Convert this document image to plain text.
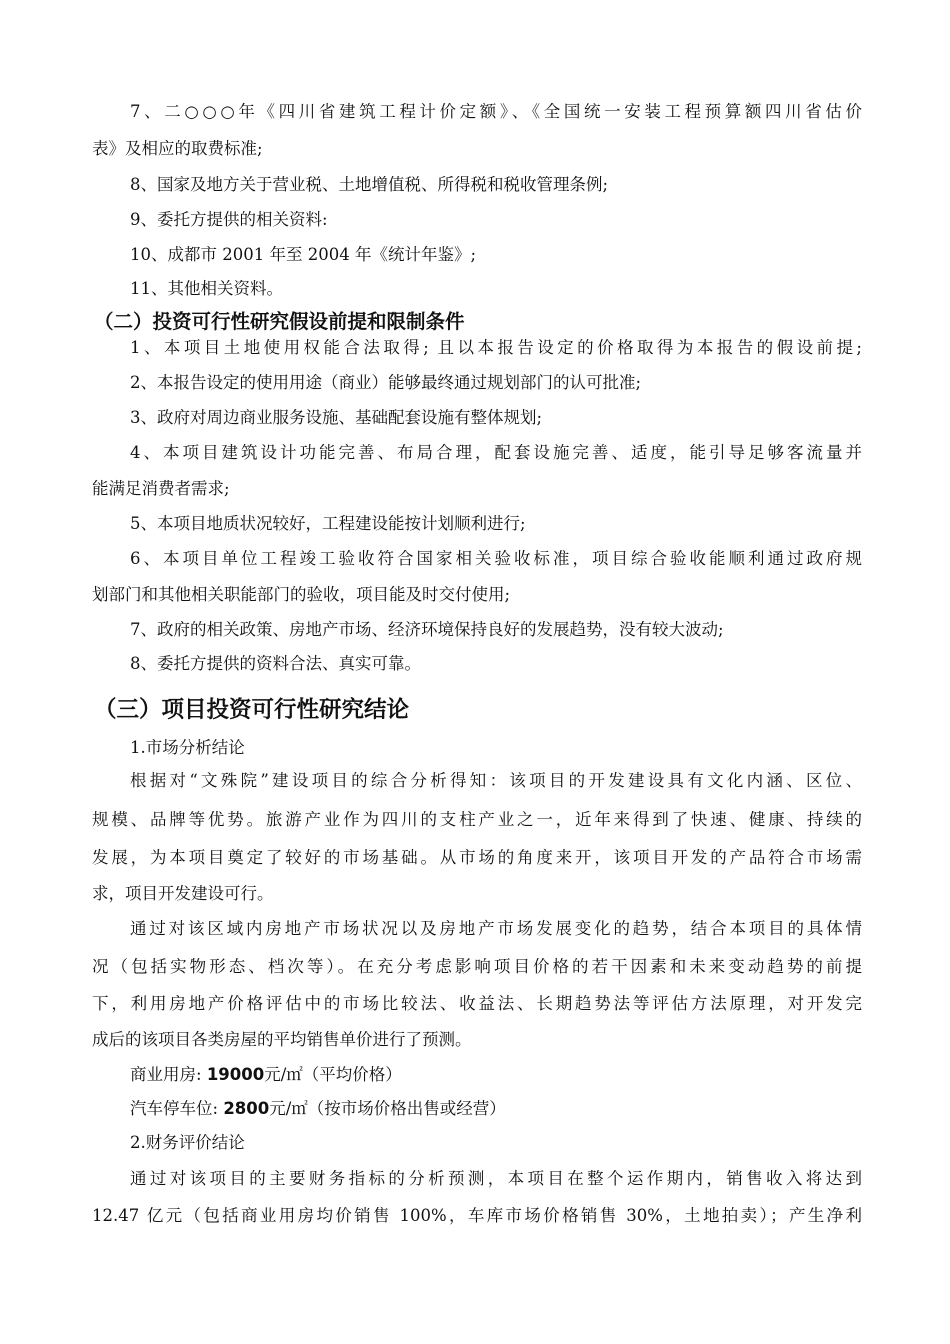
7、二○○○年《四川省建筑工程计价定额》、《全国统一安装工程预算额四川省估价
表》及相应的取费标准;
8、国家及地方关于营业税、土地增值税、所得税和税收管理条例;
9、委托方提供的相关资料:
10、成都市 2001 年至 2004 年《统计年鉴》;
11、其他相关资料。
（二）投资可行性研究假设前提和限制条件
1、本项目土地使用权能合法取得; 且以本报告设定的价格取得为本报告的假设前提;
2、本报告设定的使用用途（商业）能够最终通过规划部门的认可批准;
3、政府对周边商业服务设施、基础配套设施有整体规划;
4、本项目建筑设计功能完善、布局合理，配套设施完善、适度，能引导足够客流量并
能满足消费者需求;
5、本项目地质状况较好，工程建设能按计划顺利进行;
6、本项目单位工程竣工验收符合国家相关验收标准，项目综合验收能顺利通过政府规
划部门和其他相关职能部门的验收，项目能及时交付使用;
7、政府的相关政策、房地产市场、经济环境保持良好的发展趋势，没有较大波动;
8、委托方提供的资料合法、真实可靠。
（三）项目投资可行性研究结论
1.市场分析结论
根据对“文殊院”建设项目的综合分析得知：该项目的开发建设具有文化内涵、区位、
规模、品牌等优势。旅游产业作为四川的支柱产业之一，近年来得到了快速、健康、持续的
发展，为本项目奠定了较好的市场基础。从市场的角度来开，该项目开发的产品符合市场需
求，项目开发建设可行。
通过对该区域内房地产市场状况以及房地产市场发展变化的趋势，结合本项目的具体情
况（包括实物形态、档次等）。在充分考虑影响项目价格的若干因素和未来变动趋势的前提
下，利用房地产价格评估中的市场比较法、收益法、长期趋势法等评估方法原理，对开发完
成后的该项目各类房屋的平均销售单价进行了预测。
商业用房: 19000元/㎡（平均价格）
汽车停车位: 2800元/㎡（按市场价格出售或经营）
2.财务评价结论
通过对该项目的主要财务指标的分析预测，本项目在整个运作期内，销售收入将达到
12.47 亿元（包括商业用房均价销售 100%，车库市场价格销售 30%，土地拍卖）；产生净利
